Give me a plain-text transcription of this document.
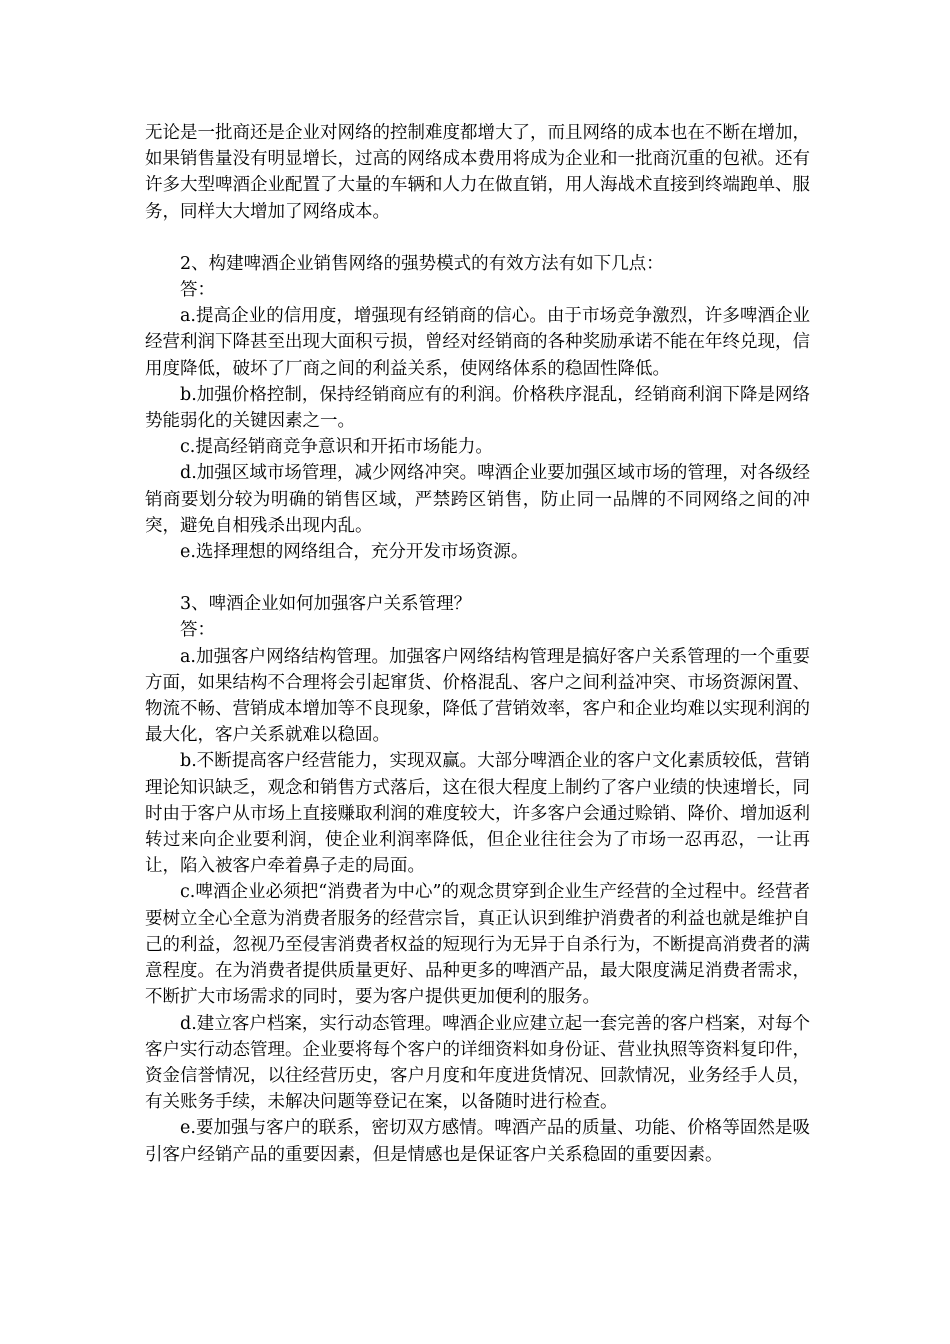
无论是一批商还是企业对网络的控制难度都增大了，而且网络的成本也在不断在增加，如果销售量没有明显增长，过高的网络成本费用将成为企业和一批商沉重的包袱。还有许多大型啤酒企业配置了大量的车辆和人力在做直销，用人海战术直接到终端跑单、服务，同样大大增加了网络成本。

2、构建啤酒企业销售网络的强势模式的有效方法有如下几点：

答：

a.提高企业的信用度，增强现有经销商的信心。由于市场竞争激烈，许多啤酒企业经营利润下降甚至出现大面积亏损，曾经对经销商的各种奖励承诺不能在年终兑现，信用度降低，破坏了厂商之间的利益关系，使网络体系的稳固性降低。

b.加强价格控制，保持经销商应有的利润。价格秩序混乱，经销商利润下降是网络势能弱化的关键因素之一。

c.提高经销商竞争意识和开拓市场能力。

d.加强区域市场管理，减少网络冲突。啤酒企业要加强区域市场的管理，对各级经销商要划分较为明确的销售区域，严禁跨区销售，防止同一品牌的不同网络之间的冲突，避免自相残杀出现内乱。

e.选择理想的网络组合，充分开发市场资源。

3、啤酒企业如何加强客户关系管理？

答：

a.加强客户网络结构管理。加强客户网络结构管理是搞好客户关系管理的一个重要方面，如果结构不合理将会引起窜货、价格混乱、客户之间利益冲突、市场资源闲置、物流不畅、营销成本增加等不良现象，降低了营销效率，客户和企业均难以实现利润的最大化，客户关系就难以稳固。

b.不断提高客户经营能力，实现双赢。大部分啤酒企业的客户文化素质较低，营销理论知识缺乏，观念和销售方式落后，这在很大程度上制约了客户业绩的快速增长，同时由于客户从市场上直接赚取利润的难度较大，许多客户会通过赊销、降价、增加返利转过来向企业要利润，使企业利润率降低，但企业往往会为了市场一忍再忍，一让再让，陷入被客户牵着鼻子走的局面。

c.啤酒企业必须把“消费者为中心”的观念贯穿到企业生产经营的全过程中。经营者要树立全心全意为消费者服务的经营宗旨，真正认识到维护消费者的利益也就是维护自己的利益，忽视乃至侵害消费者权益的短现行为无异于自杀行为，不断提高消费者的满意程度。在为消费者提供质量更好、品种更多的啤酒产品，最大限度满足消费者需求，不断扩大市场需求的同时，要为客户提供更加便利的服务。

d.建立客户档案，实行动态管理。啤酒企业应建立起一套完善的客户档案，对每个客户实行动态管理。企业要将每个客户的详细资料如身份证、营业执照等资料复印件，资金信誉情况，以往经营历史，客户月度和年度进货情况、回款情况，业务经手人员，有关账务手续，未解决问题等登记在案，以备随时进行检查。

e.要加强与客户的联系，密切双方感情。啤酒产品的质量、功能、价格等固然是吸引客户经销产品的重要因素，但是情感也是保证客户关系稳固的重要因素。
